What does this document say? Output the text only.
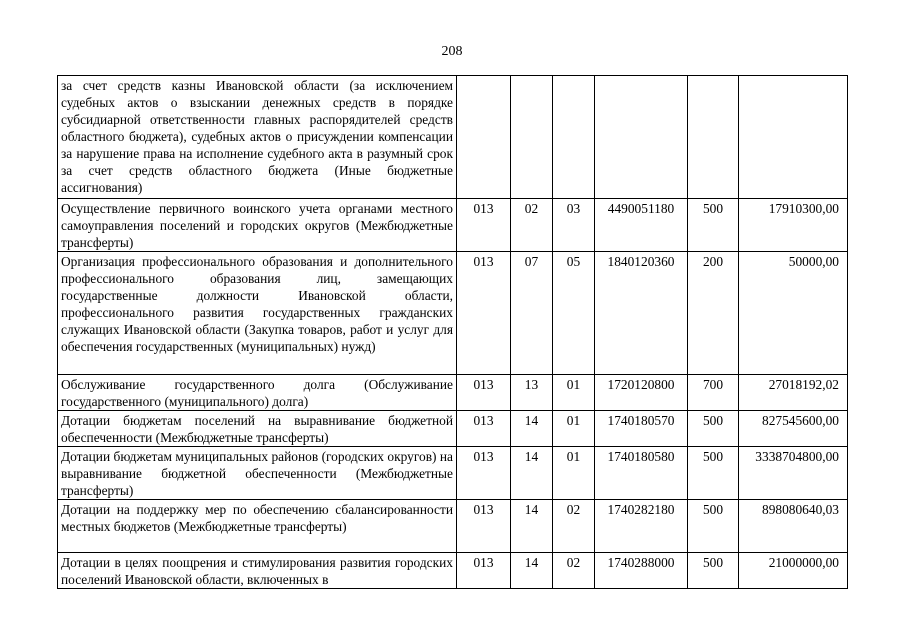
208
за счет средств казны Ивановской области (за исключением судебных актов о взыскании денежных средств в порядке субсидиарной ответственности главных распорядителей средств областного бюджета), судебных актов о присуждении компенсации за нарушение права на исполнение судебного акта в разумный срок за счет средств областного бюджета (Иные бюджетные ассигнования)						
Осуществление первичного воинского учета органами местного самоуправления поселений и городских округов (Межбюджетные трансферты)	013	02	03	4490051180	500	17910300,00
Организация профессионального образования и дополнительного профессионального образования лиц, замещающих государственные должности Ивановской области, профессионального развития государственных гражданских служащих Ивановской области (Закупка товаров, работ и услуг для обеспечения государственных (муниципальных) нужд)	013	07	05	1840120360	200	50000,00
Обслуживание государственного долга (Обслуживание государственного (муниципального) долга)	013	13	01	1720120800	700	27018192,02
Дотации бюджетам поселений на выравнивание бюджетной обеспеченности (Межбюджетные трансферты)	013	14	01	1740180570	500	827545600,00
Дотации бюджетам муниципальных районов (городских округов) на выравнивание бюджетной обеспеченности (Межбюджетные трансферты)	013	14	01	1740180580	500	3338704800,00
Дотации на поддержку мер по обеспечению сбалансированности местных бюджетов (Межбюджетные трансферты)	013	14	02	1740282180	500	898080640,03
Дотации в целях поощрения и стимулирования развития городских поселений Ивановской области, включенных в	013	14	02	1740288000	500	21000000,00
